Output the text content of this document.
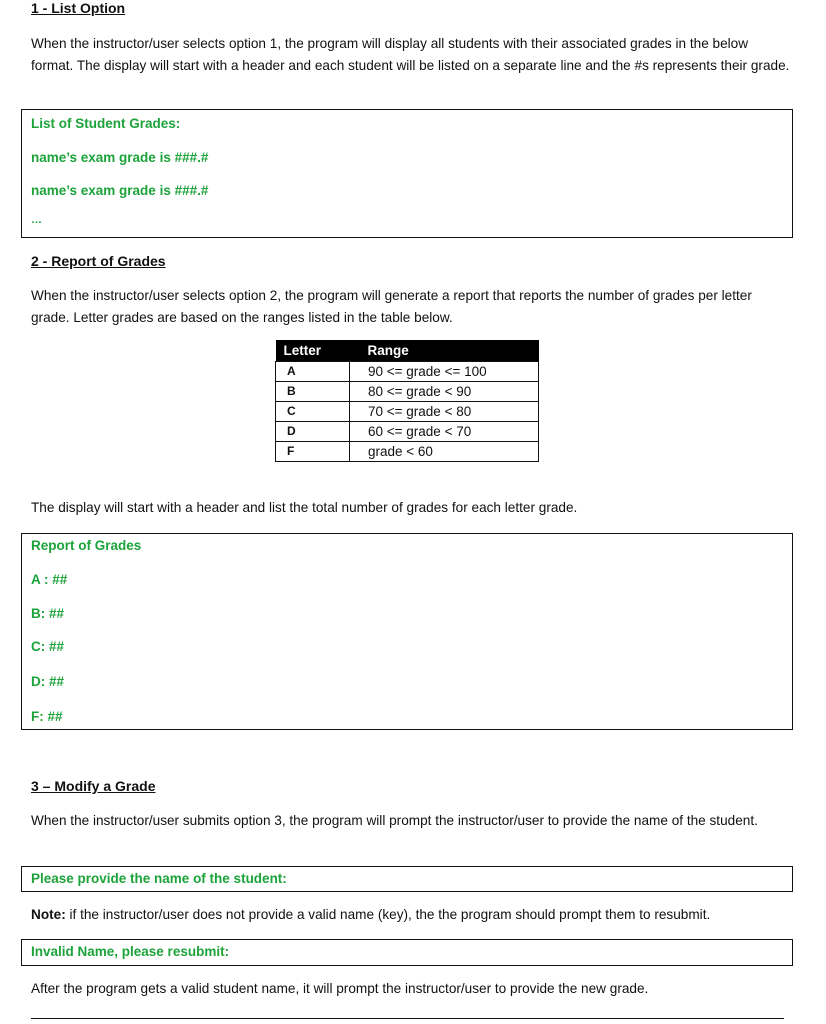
1 - List Option

When the instructor/user selects option 1, the program will display all students with their associated grades in the below format. The display will start with a header and each student will be listed on a separate line and the #s represents their grade.

List of Student Grades:
name’s exam grade is ###.#
name’s exam grade is ###.#
…
2 - Report of Grades

When the instructor/user selects option 2, the program will generate a report that reports the number of grades per letter grade. Letter grades are based on the ranges listed in the table below.

Letter	Range
A	90 <= grade <= 100
B	80 <= grade < 90
C	70 <= grade < 80
D	60 <= grade < 70
F	grade < 60

The display will start with a header and list the total number of grades for each letter grade.

Report of Grades
A : ##
B: ##
C: ##
D: ##
F: ##
3 – Modify a Grade

When the instructor/user submits option 3, the program will prompt the instructor/user to provide the name of the student.

Please provide the name of the student:

Note: if the instructor/user does not provide a valid name (key), the the program should prompt them to resubmit.

Invalid Name, please resubmit:

After the program gets a valid student name, it will prompt the instructor/user to provide the new grade.
